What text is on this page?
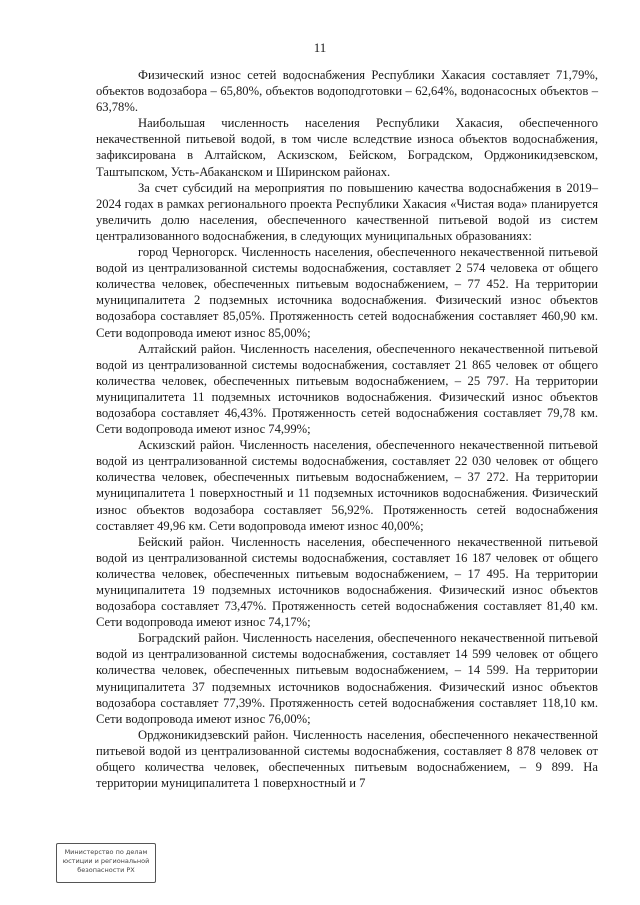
11

Физический износ сетей водоснабжения Республики Хакасия составляет 71,79%, объектов водозабора – 65,80%, объектов водоподготовки – 62,64%, водонасосных объектов – 63,78%.

Наибольшая численность населения Республики Хакасия, обеспеченного некачественной питьевой водой, в том числе вследствие износа объектов водоснабжения, зафиксирована в Алтайском, Аскизском, Бейском, Боградском, Орджоникидзевском, Таштыпском, Усть-Абаканском и Ширинском районах.

За счет субсидий на мероприятия по повышению качества водоснабжения в 2019–2024 годах в рамках регионального проекта Республики Хакасия «Чистая вода» планируется увеличить долю населения, обеспеченного качественной питьевой водой из систем централизованного водоснабжения, в следующих муниципальных образованиях:

город Черногорск. Численность населения, обеспеченного некачественной питьевой водой из централизованной системы водоснабжения, составляет 2 574 человека от общего количества человек, обеспеченных питьевым водоснабжением, – 77 452. На территории муниципалитета 2 подземных источника водоснабжения. Физический износ объектов водозабора составляет 85,05%. Протяженность сетей водоснабжения составляет 460,90 км. Сети водопровода имеют износ 85,00%;

Алтайский район. Численность населения, обеспеченного некачественной питьевой водой из централизованной системы водоснабжения, составляет 21 865 человек от общего количества человек, обеспеченных питьевым водоснабжением, – 25 797. На территории муниципалитета 11 подземных источников водоснабжения. Физический износ объектов водозабора составляет 46,43%. Протяженность сетей водоснабжения составляет 79,78 км. Сети водопровода имеют износ 74,99%;

Аскизский район. Численность населения, обеспеченного некачественной питьевой водой из централизованной системы водоснабжения, составляет 22 030 человек от общего количества человек, обеспеченных питьевым водоснабжением, – 37 272. На территории муниципалитета 1 поверхностный и 11 подземных источников водоснабжения. Физический износ объектов водозабора составляет 56,92%. Протяженность сетей водоснабжения составляет 49,96 км. Сети водопровода имеют износ 40,00%;

Бейский район. Численность населения, обеспеченного некачественной питьевой водой из централизованной системы водоснабжения, составляет 16 187 человек от общего количества человек, обеспеченных питьевым водоснабжением, – 17 495. На территории муниципалитета 19 подземных источников водоснабжения. Физический износ объектов водозабора составляет 73,47%. Протяженность сетей водоснабжения составляет 81,40 км. Сети водопровода имеют износ 74,17%;

Боградский район. Численность населения, обеспеченного некачественной питьевой водой из централизованной системы водоснабжения, составляет 14 599 человек от общего количества человек, обеспеченных питьевым водоснабжением, – 14 599. На территории муниципалитета 37 подземных источников водоснабжения. Физический износ объектов водозабора составляет 77,39%. Протяженность сетей водоснабжения составляет 118,10 км. Сети водопровода имеют износ 76,00%;

Орджоникидзевский район. Численность населения, обеспеченного некачественной питьевой водой из централизованной системы водоснабжения, составляет 8 878 человек от общего количества человек, обеспеченных питьевым водоснабжением, – 9 899. На территории муниципалитета 1 поверхностный и 7

Министерство по делам
юстиции и региональной
безопасности РХ
